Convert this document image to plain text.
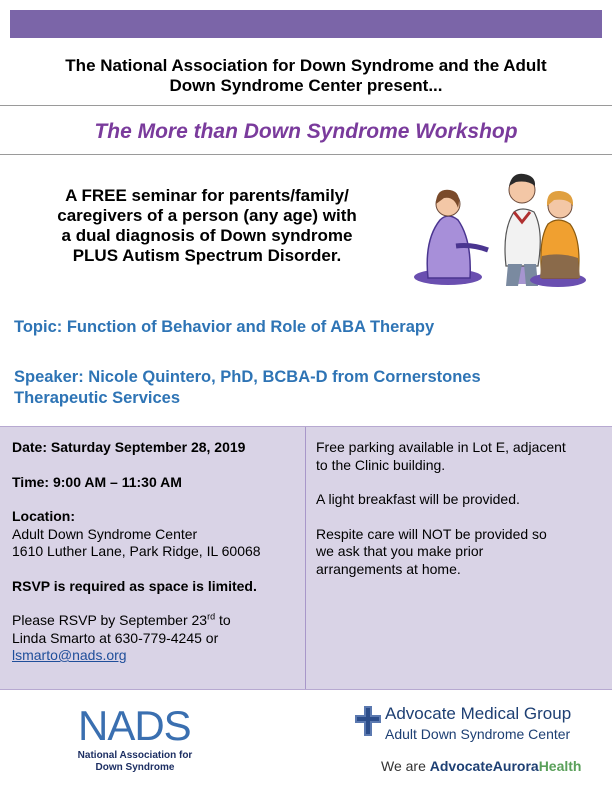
The National Association for Down Syndrome and the Adult
Down Syndrome Center present...
The More than Down Syndrome Workshop
A FREE seminar for parents/family/
caregivers of a person (any age) with
a dual diagnosis of Down syndrome
PLUS Autism Spectrum Disorder.
Topic: Function of Behavior and Role of ABA Therapy
Speaker: Nicole Quintero, PhD, BCBA-D from Cornerstones
Therapeutic Services
Date: Saturday September 28, 2019
Time: 9:00 AM – 11:30 AM
Location:
Adult Down Syndrome Center
1610 Luther Lane, Park Ridge, IL 60068
RSVP is required as space is limited.
Please RSVP by September 23rd to
Linda Smarto at 630-779-4245 or
lsmarto@nads.org
Free parking available in Lot E, adjacent
to the Clinic building.
A light breakfast will be provided.
Respite care will NOT be provided so
we ask that you make prior
arrangements at home.
NADS
National Association for
Down Syndrome
Advocate Medical Group
Adult Down Syndrome Center
We are AdvocateAuroraHealth
